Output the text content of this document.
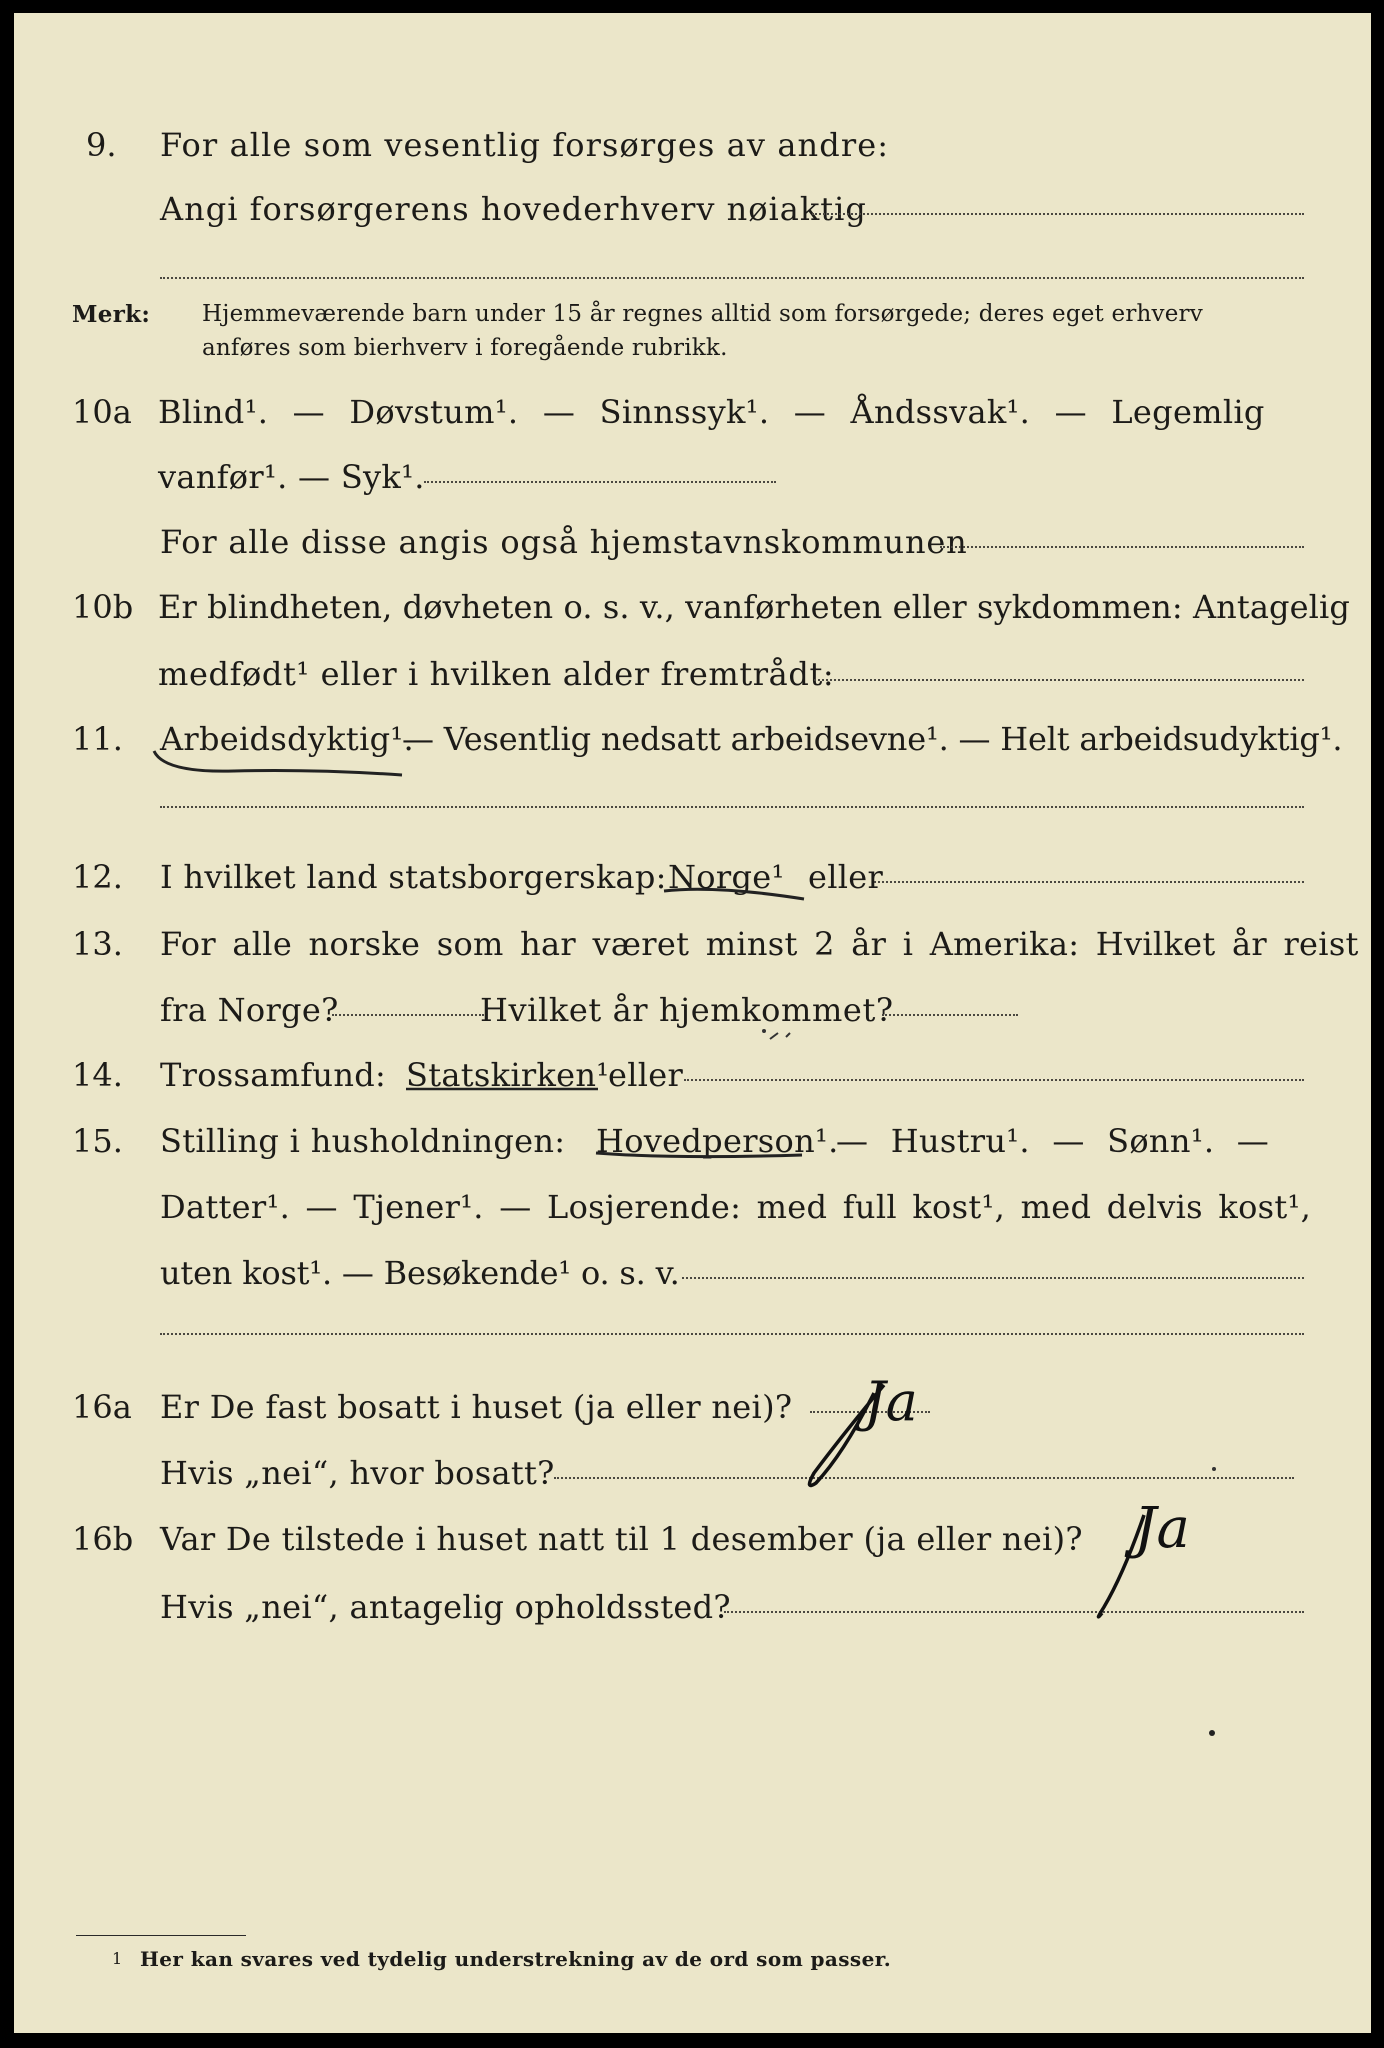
9. For alle som vesentlig forsørges av andre:
Angi forsørgerens hovederhverv nøiaktig
Merk: Hjemmeværende barn under 15 år regnes alltid som forsørgede; deres eget erhverv
anføres som bierhverv i foregående rubrikk.
10a Blind¹. — Døvstum¹. — Sinnssyk¹. — Åndssvak¹. — Legemlig
vanfør¹. — Syk¹.
For alle disse angis også hjemstavnskommunen
10b Er blindheten, døvheten o. s. v., vanførheten eller sykdommen: Antagelig
medfødt¹ eller i hvilken alder fremtrådt:
11. Arbeidsdyktig¹.
— Vesentlig nedsatt arbeidsevne¹. — Helt arbeidsudyktig¹.
12. I hvilket land statsborgerskap: Norge¹ eller
13. For alle norske som har været minst 2 år i Amerika: Hvilket år reist
fra Norge?	Hvilket år hjemkommet?
14. Trossamfund: Statskirken¹
eller
15. Stilling i husholdningen: Hovedperson¹.
— Hustru¹. — Sønn¹. —
Datter¹. — Tjener¹. — Losjerende: med full kost¹, med delvis kost¹,
uten kost¹. — Besøkende¹ o. s. v.
16a Er De fast bosatt i huset (ja eller nei)?
Hvis „nei“, hvor bosatt?
Ja
16b Var De tilstede i huset natt til 1 desember (ja eller nei)?
Hvis „nei“, antagelig opholdssted?
Ja
1 Her kan svares ved tydelig understrekning av de ord som passer.
